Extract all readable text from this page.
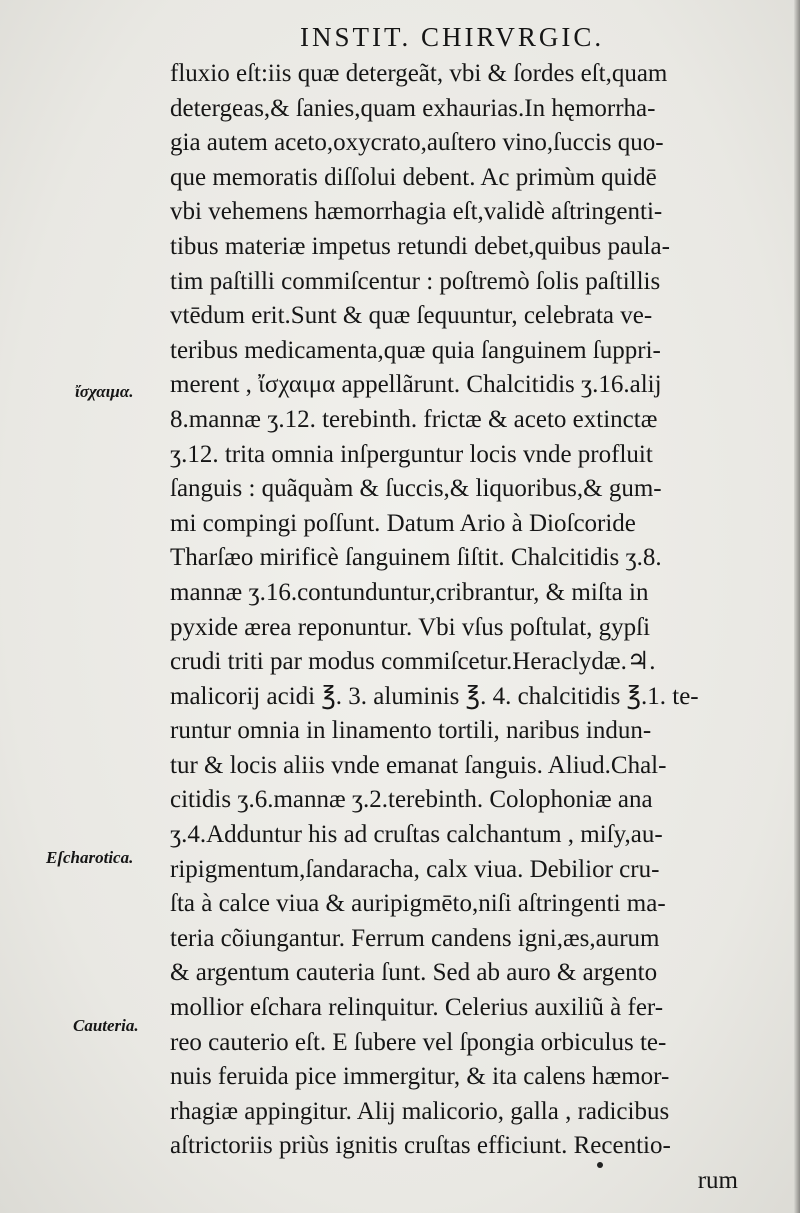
INSTIT. CHIRVRGIC.
ἴσχαιμα.
Eſcharotica.
Cauteria.
fluxio eſt:iis quæ detergeãt, vbi & ſordes eſt,quam
detergeas,& ſanies,quam exhaurias.In hęmorrha-
gia autem aceto,oxycrato,auſtero vino,ſuccis quo-
que memoratis diſſolui debent. Ac primùm quidē
vbi vehemens hæmorrhagia eſt,validè aſtringenti-
tibus materiæ impetus retundi debet,quibus paula-
tim paſtilli commiſcentur : poſtremò ſolis paſtillis
vtēdum erit.Sunt & quæ ſequuntur, celebrata ve-
teribus medicamenta,quæ quia ſanguinem ſuppri-
merent , ἴσχαιμα appellãrunt. Chalcitidis ʒ.16.alij
8.mannæ ʒ.12. terebinth. frictæ & aceto extinctæ
ʒ.12. trita omnia inſperguntur locis vnde profluit
ſanguis : quãquàm & ſuccis,& liquoribus,& gum-
mi compingi poſſunt. Datum Ario à Dioſcoride
Tharſæo mirificè ſanguinem ſiſtit. Chalcitidis ʒ.8.
mannæ ʒ.16.contunduntur,cribrantur, & miſta in
pyxide ærea reponuntur. Vbi vſus poſtulat, gypſi
crudi triti par modus commiſcetur.Heraclydæ.♃.
malicorij acidi ℥. 3. aluminis ℥. 4. chalcitidis ℥.1. te-
runtur omnia in linamento tortili, naribus indun-
tur & locis aliis vnde emanat ſanguis. Aliud.Chal-
citidis ʒ.6.mannæ ʒ.2.terebinth. Colophoniæ ana
ʒ.4.Adduntur his ad cruſtas calchantum , miſy,au-
ripigmentum,ſandaracha, calx viua. Debilior cru-
ſta à calce viua & auripigmēto,niſi aſtringenti ma-
teria cõiungantur. Ferrum candens igni,æs,aurum
& argentum cauteria ſunt. Sed ab auro & argento
mollior eſchara relinquitur. Celerius auxiliũ à fer-
reo cauterio eſt. E ſubere vel ſpongia orbiculus te-
nuis feruida pice immergitur, & ita calens hæmor-
rhagiæ appingitur. Alij malicorio, galla , radicibus
aſtrictoriis priùs ignitis cruſtas efficiunt. Recentio-
rum
